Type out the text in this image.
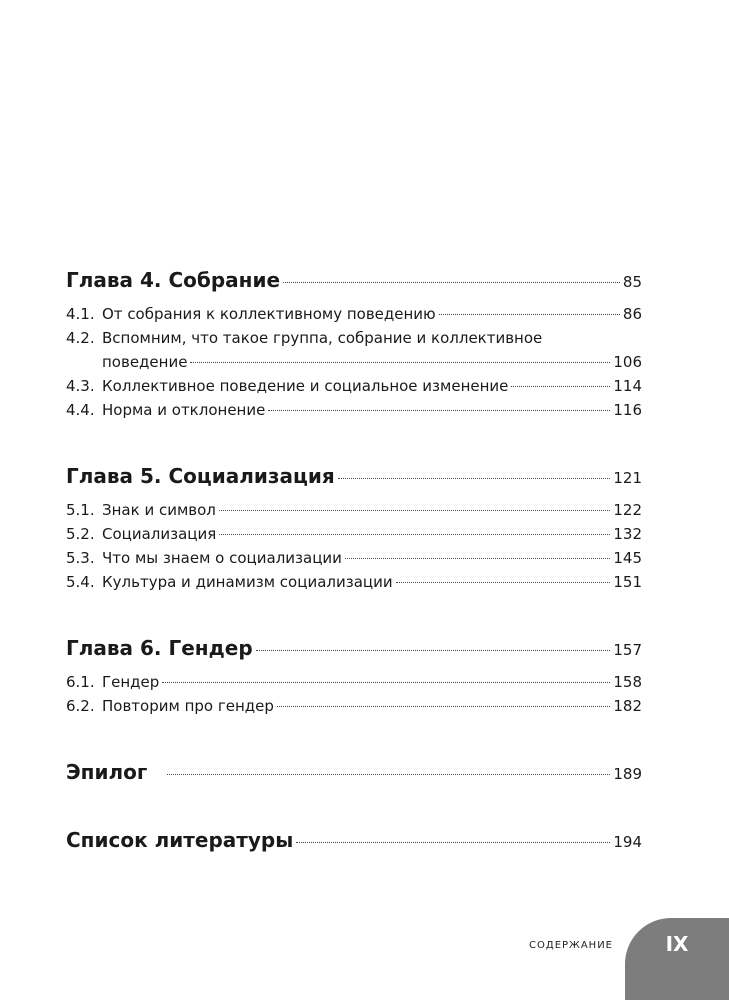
Глава 4. Собрание	85
4.1. От собрания к коллективному поведению	86
4.2. Вспомним, что такое группа, собрание и коллективное
поведение	106
4.3. Коллективное поведение и социальное изменение	114
4.4. Норма и отклонение	116
Глава 5. Социализация	121
5.1. Знак и символ	122
5.2. Социализация	132
5.3. Что мы знаем о социализации	145
5.4. Культура и динамизм социализации	151
Глава 6. Гендер	157
6.1. Гендер	158
6.2. Повторим про гендер	182
Эпилог	189
Список литературы	194
СОДЕРЖАНИЕ	IX
